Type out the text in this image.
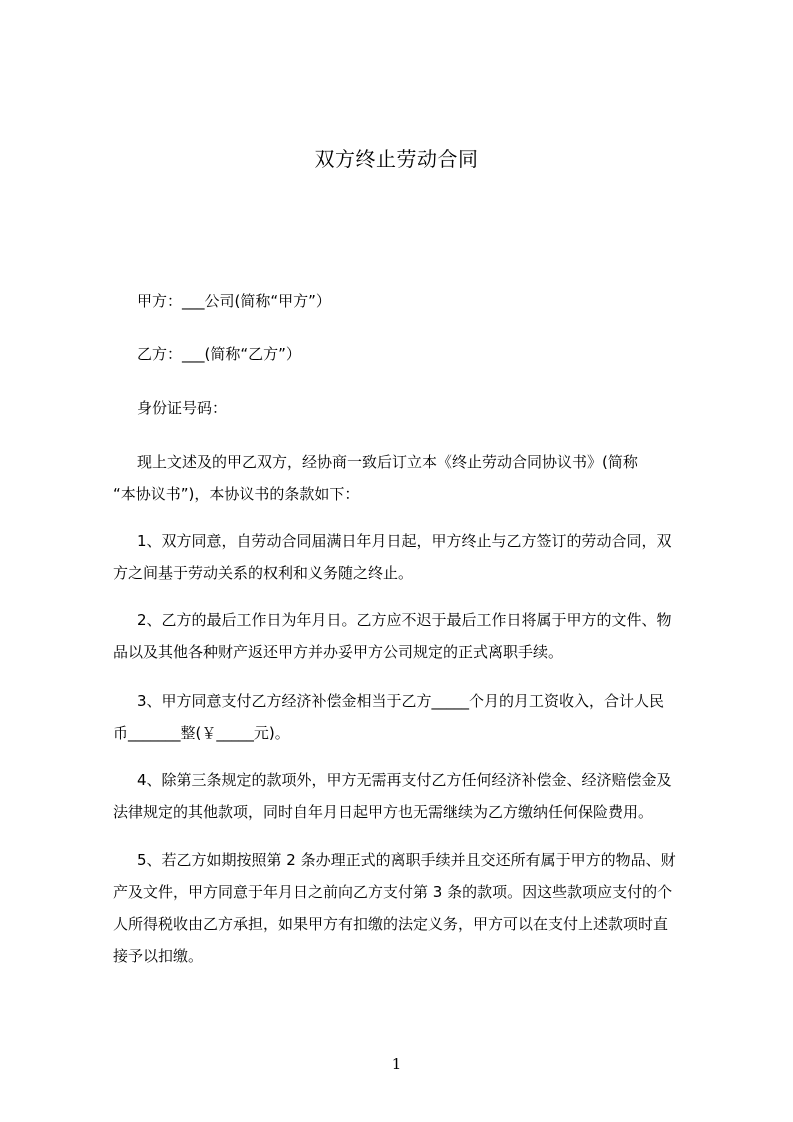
双方终止劳动合同
甲方：___公司(简称“甲方”）
乙方：___(简称“乙方”）
身份证号码：
现上文述及的甲乙双方，经协商一致后订立本《终止劳动合同协议书》(简称
“本协议书”)，本协议书的条款如下：
1、双方同意，自劳动合同届满日年月日起，甲方终止与乙方签订的劳动合同，双
方之间基于劳动关系的权利和义务随之终止。
2、乙方的最后工作日为年月日。乙方应不迟于最后工作日将属于甲方的文件、物
品以及其他各种财产返还甲方并办妥甲方公司规定的正式离职手续。
3、甲方同意支付乙方经济补偿金相当于乙方_____个月的月工资收入，合计人民
币_______整(￥_____元)。
4、除第三条规定的款项外，甲方无需再支付乙方任何经济补偿金、经济赔偿金及
法律规定的其他款项，同时自年月日起甲方也无需继续为乙方缴纳任何保险费用。
5、若乙方如期按照第 2 条办理正式的离职手续并且交还所有属于甲方的物品、财
产及文件，甲方同意于年月日之前向乙方支付第 3 条的款项。因这些款项应支付的个
人所得税收由乙方承担，如果甲方有扣缴的法定义务，甲方可以在支付上述款项时直
接予以扣缴。
1
